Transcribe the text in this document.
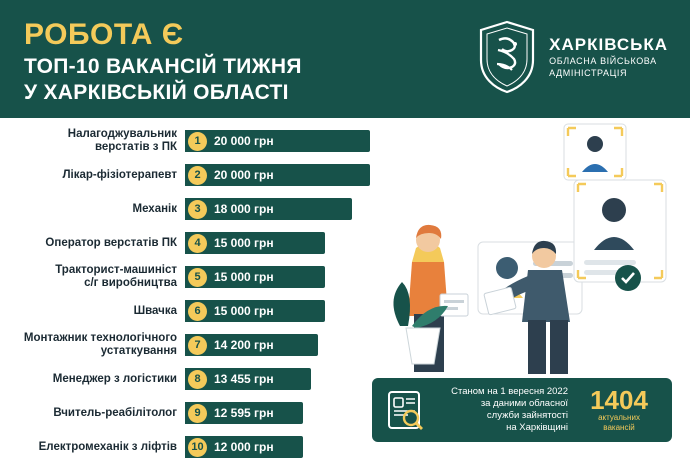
РОБОТА Є
ТОП-10 ВАКАНСІЙ ТИЖНЯ
У ХАРКІВСЬКІЙ ОБЛАСТІ
ХАРКІВСЬКА
ОБЛАСНА ВІЙСЬКОВА
АДМІНІСТРАЦІЯ
Налагоджувальник
верстатів з ПК	1	20 000 грн
Лікар-фізіотерапевт	2	20 000 грн
Механік	3	18 000 грн
Оператор верстатів ПК	4	15 000 грн
Тракторист-машиніст
с/г виробництва	5	15 000 грн
Швачка	6	15 000 грн
Монтажник технологічного
устаткування	7	14 200 грн
Менеджер з логістики	8	13 455 грн
Вчитель-реабілітолог	9	12 595 грн
Електромеханік з ліфтів	10 12 000 грн
Станом на 1 вересня 2022
за даними обласної
служби зайнятості
на Харківщині
1404
актуальних
вакансій
